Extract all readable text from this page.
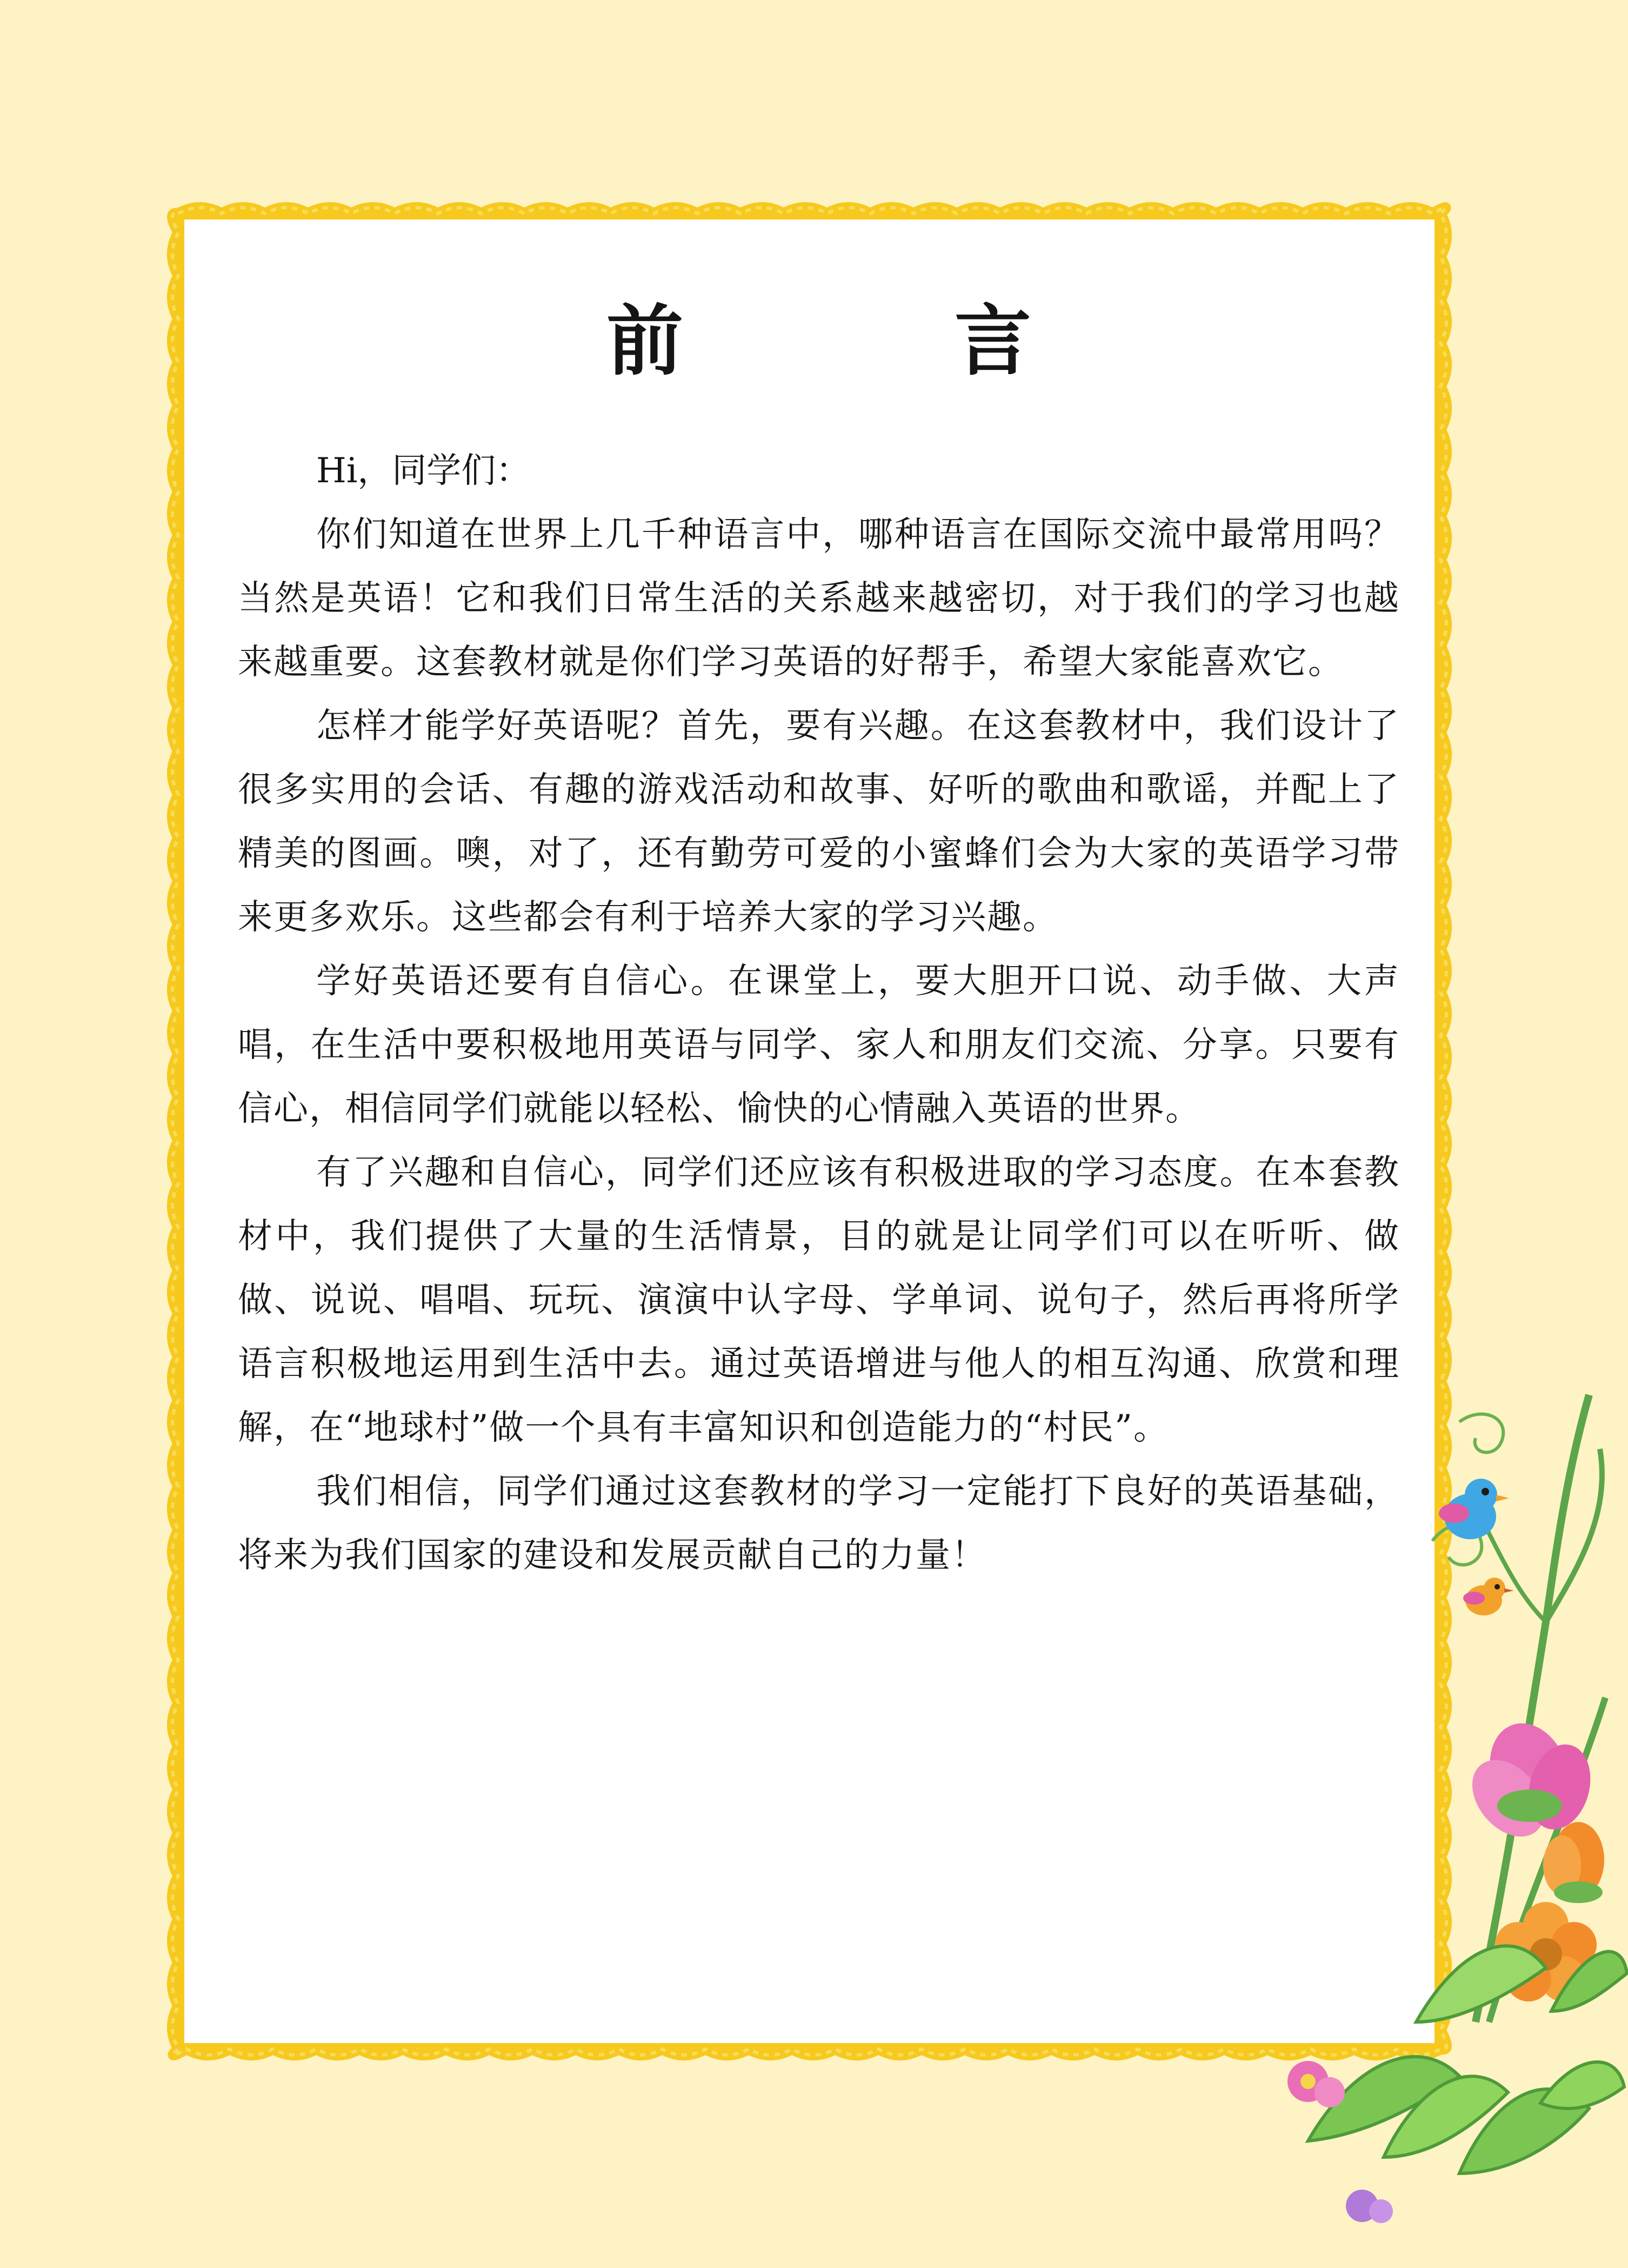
前　言

Hi，同学们：

你们知道在世界上几千种语言中，哪种语言在国际交流中最常用吗？当然是英语！它和我们日常生活的关系越来越密切，对于我们的学习也越来越重要。这套教材就是你们学习英语的好帮手，希望大家能喜欢它。

怎样才能学好英语呢？首先，要有兴趣。在这套教材中，我们设计了很多实用的会话、有趣的游戏活动和故事、好听的歌曲和歌谣，并配上了精美的图画。噢，对了，还有勤劳可爱的小蜜蜂们会为大家的英语学习带来更多欢乐。这些都会有利于培养大家的学习兴趣。

学好英语还要有自信心。在课堂上，要大胆开口说、动手做、大声唱，在生活中要积极地用英语与同学、家人和朋友们交流、分享。只要有信心，相信同学们就能以轻松、愉快的心情融入英语的世界。

有了兴趣和自信心，同学们还应该有积极进取的学习态度。在本套教材中，我们提供了大量的生活情景，目的就是让同学们可以在听听、做做、说说、唱唱、玩玩、演演中认字母、学单词、说句子，然后再将所学语言积极地运用到生活中去。通过英语增进与他人的相互沟通、欣赏和理解，在“地球村”做一个具有丰富知识和创造能力的“村民”。

我们相信，同学们通过这套教材的学习一定能打下良好的英语基础，将来为我们国家的建设和发展贡献自己的力量！
